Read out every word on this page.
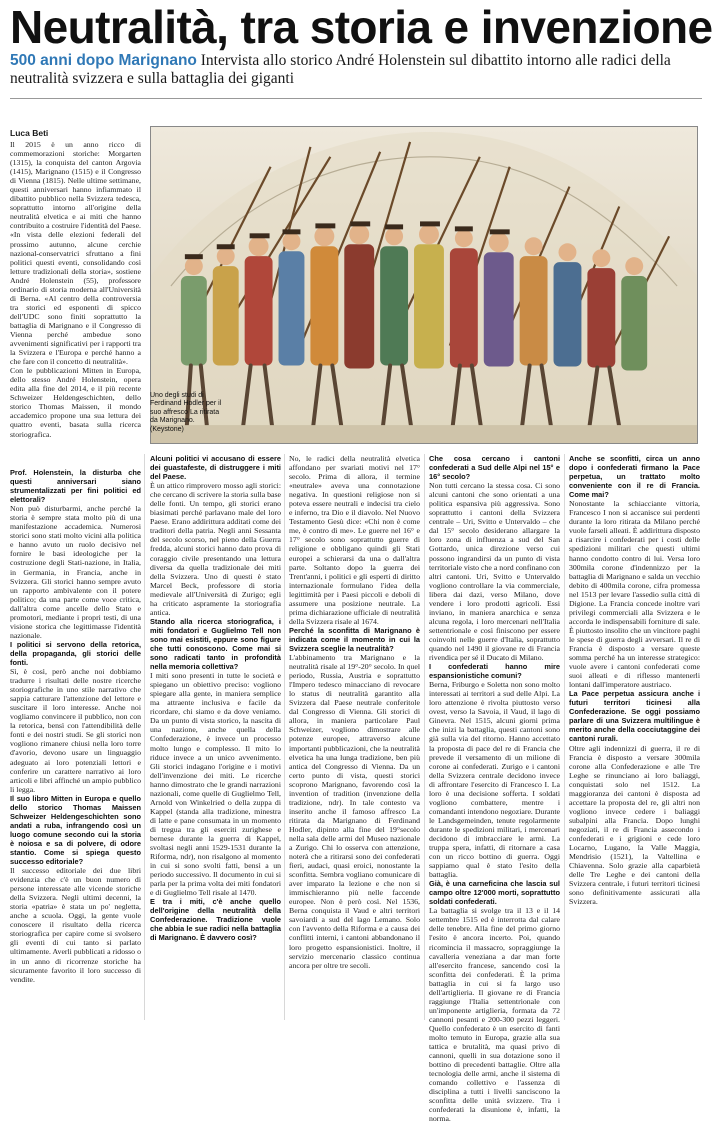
Neutralità, tra storia e invenzione
500 anni dopo Marignano Intervista allo storico André Holenstein sul dibattito intorno alle radici della neutralità svizzera e sulla battaglia dei giganti
Luca Beti

Il 2015 è un anno ricco di commemorazioni storiche: Morgarten (1315), la conquista del canton Argovia (1415), Marignano (1515) e il Congresso di Vienna (1815). Nelle ultime settimane, questi anniversari hanno infiammato il dibattito pubblico nella Svizzera tedesca, soprattutto intorno all'origine della neutralità elvetica e ai miti che hanno contribuito a costruire l'identità del Paese. «In vista delle elezioni federali del prossimo autunno, alcune cerchie nazional-conservatrici sfruttano a fini politici questi eventi, consolidando così letture tradizionali della storia», sostiene André Holenstein (55), professore ordinario di storia moderna all'Università di Berna. «Al centro della controversia tra storici ed esponenti di spicco dell'UDC sono finiti soprattutto la battaglia di Marignano e il Congresso di Vienna perché ambedue sono avvenimenti significativi per i rapporti tra la Svizzera e l'Europa e perché hanno a che fare con il concetto di neutralità».

Con le pubblicazioni Mitten in Europa, dello stesso André Holenstein, opera edita alla fine del 2014, e il più recente Schweizer Heldengeschichten, dello storico Thomas Maissen, il mondo accademico propone una sua lettura dei quattro eventi, basata sulla ricerca storiografica.

Uno degli studi di Ferdinand Hodler per il suo affresco La ritirata da Marignano.
(Keystone)

Prof. Holenstein, la disturba che questi anniversari siano strumentalizzati per fini politici ed elettorali?

Non può disturbarmi, anche perché la storia è sempre stata molto più di una manifestazione accademica. Numerosi storici sono stati molto vicini alla politica e hanno avuto un ruolo decisivo nel fornire le basi ideologiche per la costruzione degli Stati-nazione, in Italia, in Germania, in Francia, anche in Svizzera. Gli storici hanno sempre avuto un rapporto ambivalente con il potere politico; da una parte come voce critica, dall'altra come ancelle dello Stato e promotori, mediante i propri testi, di una visione storica che legittimasse l'identità nazionale.

I politici si servono della retorica, della propaganda, gli storici delle fonti.

Sì, è così, però anche noi dobbiamo tradurre i risultati delle nostre ricerche storiografiche in uno stile narrativo che sappia catturare l'attenzione del lettore e suscitare il loro interesse. Anche noi vogliamo convincere il pubblico, non con la retorica, bensì con l'attendibilità delle fonti e dei nostri studi. Se gli storici non vogliono rimanere chiusi nella loro torre d'avorio, devono usare un linguaggio adeguato ai loro potenziali lettori e conferire un carattere narrativo ai loro articoli e libri affinché un ampio pubblico li legga.

Il suo libro Mitten in Europa e quello dello storico Thomas Maissen Schweizer Heldengeschichten sono andati a ruba, infrangendo così un luogo comune secondo cui la storia è noiosa e sa di polvere, di odore stantio. Come si spiega questo successo editoriale?

Il successo editoriale dei due libri evidenzia che c'è un buon numero di persone interessate alle vicende storiche della Svizzera. Negli ultimi decenni, la storia «patria» è stata un po' negletta, anche a scuola. Oggi, la gente vuole conoscere il risultato della ricerca storiografica per capire come si svolsero gli eventi di cui tanto si parlato ultimamente. Averli pubblicati a ridosso o in un anno di ricorrenze storiche ha sicuramente favorito il loro successo di vendite.

Alcuni politici vi accusano di essere dei guastafeste, di distruggere i miti del Paese.

È un attico rimprovero mosso agli storici: che cercano di scrivere la storia sulla base delle fonti. Un tempo, gli storici erano biasimati perché parlavano male del loro Paese. Erano addirittura additati come dei traditori della patria. Negli anni Sessanta del secolo scorso, nel pieno della Guerra fredda, alcuni storici hanno dato prova di coraggio civile presentando una lettura diversa da quella tradizionale dei miti della Svizzera. Uno di questi è stato Marcel Beck, professore di storia medievale all'Università di Zurigo; egli ha criticato aspramente la storiografia antica.

Stando alla ricerca storiografica, i miti fondatori e Guglielmo Tell non sono mai esistiti, eppure sono figure che tutti conoscono. Come mai si sono radicati tanto in profondità nella memoria collettiva?

I miti sono presenti in tutte le società e spiegano un obiettivo preciso: vogliono spiegare alla gente, in maniera semplice ma attraente inclusiva e facile da ricordare, chi siamo e da dove veniamo. Da un punto di vista storico, la nascita di una nazione, anche quella della Confederazione, è invece un processo molto lungo e complesso. Il mito lo riduce invece a un unico avvenimento. Gli storici indagano l'origine e i motivi dell'invenzione dei miti. Le ricerche hanno dimostrato che le grandi narrazioni nazionali, come quelle di Guglielmo Tell, Arnold von Winkelried o della zuppa di Kappel (standa alla tradizione, minestra di latte e pane consumata in un momento di tregua tra gli eserciti zurighese e bernese durante la guerra di Kappel, svoltasi negli anni 1529-1531 durante la Riforma, ndr), non risalgono al momento in cui si sono svolti fatti, bensì a un periodo successivo. Il documento in cui si parla per la prima volta dei miti fondatori e di Guglielmo Tell risale al 1470.

E tra i miti, c'è anche quello dell'origine della neutralità della Confederazione. Tradizione vuole che abbia le sue radici nella battaglia di Marignano. È davvero così?

No, le radici della neutralità elvetica affondano per svariati motivi nel 17° secolo. Prima di allora, il termine «neutrale» aveva una connotazione negativa. In questioni religiose non si poteva essere neutrali e indecisi tra cielo e inferno, tra Dio e il diavolo. Nel Nuovo Testamento Gesù dice: «Chi non è come me, è contro di me». Le guerre nel 16° e 17° secolo sono soprattutto guerre di religione e obbligano quindi gli Stati europei a schierarsi da una o dall'altra parte. Soltanto dopo la guerra dei Trent'anni, i politici e gli esperti di diritto internazionale formulano l'idea della legittimità per i Paesi piccoli e deboli di assumere una posizione neutrale. La prima dichiarazione ufficiale di neutralità della Svizzera risale al 1674.

Perché la sconfitta di Marignano è indicata come il momento in cui la Svizzera sceglie la neutralità?

L'abbinamento tra Marignano e la neutralità risale al 19°-20° secolo. In quel periodo, Russia, Austria e soprattutto l'Impero tedesco minacciano di revocare lo status di neutralità garantito alla Svizzera dal Paese neutrale conferitole dal Congresso di Vienna. Gli storici di allora, in maniera particolare Paul Schweizer, vogliono dimostrare alle potenze europee, attraverso alcune importanti pubblicazioni, che la neutralità elvetica ha una lunga tradizione, ben più antica del Congresso di Vienna. Da un certo punto di vista, questi storici scoprono Marignano, favorendo così la invention of tradition (invenzione della tradizione, ndr). In tale contesto va inserito anche il famoso affresco La ritirata da Marignano di Ferdinand Hodler, dipinto alla fine del 19°secolo nella sala delle armi del Museo nazionale a Zurigo. Chi lo osserva con attenzione, noterà che a ritirarsi sono dei confederati fieri, audaci, quasi eroici, nonostante la sconfitta. Sembra vogliano comunicare di aver imparato la lezione e che non si immischieranno più nelle faccende europee. Non è però così. Nel 1536, Berna conquista il Vaud e altri territori savoiardi a sud del lago Lemano. Solo con l'avvento della Riforma e a causa dei conflitti interni, i cantoni abbandonano il loro progetto espansionistici. Inoltre, il servizio mercenario classico continua ancora per oltre tre secoli.

Che cosa cercano i cantoni confederati a Sud delle Alpi nel 15° e 16° secolo?

Non tutti cercano la stessa cosa. Ci sono alcuni cantoni che sono orientati a una politica espansiva più aggressiva. Sono soprattutto i cantoni della Svizzera centrale – Uri, Svitto e Untervaldo – che dal 15° secolo desiderano allargare la loro zona di influenza a sud del San Gottardo, unica direzione verso cui possono ingrandirsi da un punto di vista territoriale visto che a nord confinano con altri cantoni. Uri, Svitto e Untervaldo vogliono controllare la via commerciale, libera dai dazi, verso Milano, dove vendere i loro prodotti agricoli. Essi inviano, in maniera anarchica e senza alcuna regola, i loro mercenari nell'Italia settentrionale e così finiscono per essere coinvolti nelle guerre d'Italia, soprattutto quando nel 1490 il giovane re di Francia rivendica per sé il Ducato di Milano.

I confederati hanno mire espansionistiche comuni?

Berna, Friburgo e Soletta non sono molto interessati ai territori a sud delle Alpi. La loro attenzione è rivolta piuttosto verso ovest, verso la Savoia, il Vaud, il lago di Ginevra. Nel 1515, alcuni giorni prima che inizi la battaglia, questi cantoni sono già sulla via del ritorno. Hanno accettato la proposta di pace del re di Francia che prevede il versamento di un milione di corone ai confederati. Zurigo e i cantoni della Svizzera centrale decidono invece di affrontare l'esercito di Francesco I. La loro è una decisione sofferta. I soldati vogliono combattere, mentre i comandanti intendono negoziare. Durante le Landsgemeinden, tenute regolarmente durante le spedizioni militari, i mercenari decidono di imbracciare le armi. La truppa spera, infatti, di ritornare a casa con un ricco bottino di guerra. Oggi sappiamo qual è stato l'esito della battaglia.

Già, è una carneficina che lascia sul campo oltre 12'000 morti, soprattutto soldati confederati.

La battaglia si svolge tra il 13 e il 14 settembre 1515 ed è interrotta dal calare delle tenebre. Alla fine del primo giorno l'esito è ancora incerto. Poi, quando ricomincia il massacro, sopraggiunge la cavalleria veneziana a dar man forte all'esercito francese, sancendo così la sconfitta dei confederati. È la prima battaglia in cui si fa largo uso dell'artiglieria. Il giovane re di Francia raggiunge l'Italia settentrionale con un'imponente artiglieria, formata da 72 cannoni pesanti e 200-300 pezzi leggeri. Quello confederato è un esercito di fanti molto temuto in Europa, grazie alla sua tattica e brutalità, ma quasi privo di cannoni, quelli in sua dotazione sono il bottino di precedenti battaglie. Oltre alla tecnologia delle armi, anche il sistema di comando collettivo e l'assenza di disciplina a tutti i livelli sanciscono la sconfitta delle unità svizzere. Tra i confederati la disunione è, infatti, la norma.

Anche se sconfitti, circa un anno dopo i confederati firmano la Pace perpetua, un trattato molto conveniente con il re di Francia. Come mai?

Nonostante la schiacciante vittoria, Francesco I non si accanisce sui perdenti durante la loro ritirata da Milano perché vuole farseli alleati. È addirittura disposto a risarcire i confederati per i costi delle spedizioni militari che questi ultimi hanno condotto contro di lui. Versa loro 300mila corone d'indennizzo per la battaglia di Marignano e salda un vecchio debito di 400mila corone, cifra promessa nel 1513 per levare l'assedio sulla città di Digione. La Francia concede inoltre vari privilegi commerciali alla Svizzera e le accorda le indispensabili forniture di sale. È piuttosto insolito che un vincitore paghi le spese di guerra degli avversari. Il re di Francia è disposto a versare queste somma perché ha un interesse strategico: vuole avere i cantoni confederati come suoi alleati e di riflesso mantenerli lontani dall'imperatore austriaco.

La Pace perpetua assicura anche i futuri territori ticinesi alla Confederazione. Se oggi possiamo parlare di una Svizzera multilingue è merito anche della cocciutaggine dei cantoni rurali.

Oltre agli indennizzi di guerra, il re di Francia è disposto a versare 300mila corone alla Confederazione e alle Tre Leghe se rinunciano ai loro baliaggi, conquistati solo nel 1512. La maggioranza dei cantoni è disposta ad accettare la proposta del re, gli altri non vogliono invece cedere i baliaggi subalpini alla Francia. Dopo lunghi negoziati, il re di Francia assecondo i confederati e i grigioni e cede loro Locarno, Lugano, la Valle Maggia, Mendrisio (1521), la Valtellina e Chiavenna. Solo grazie alla caparbietà delle Tre Leghe e dei cantoni della Svizzera centrale, i futuri territori ticinesi sono definitivamente assicurati alla Svizzera.
